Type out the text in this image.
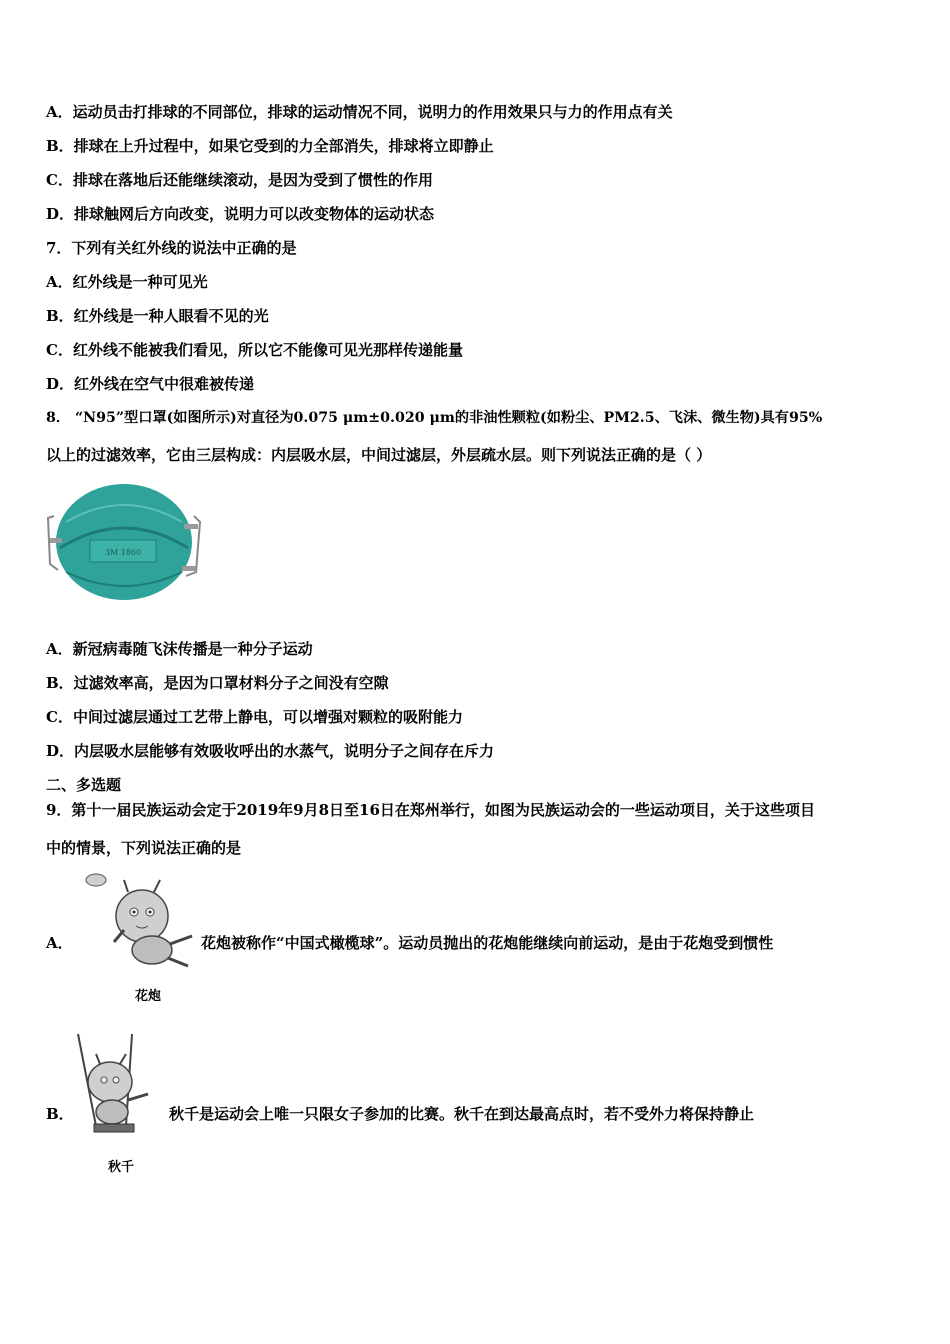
A．运动员击打排球的不同部位，排球的运动情况不同，说明力的作用效果只与力的作用点有关
B．排球在上升过程中，如果它受到的力全部消失，排球将立即静止
C．排球在落地后还能继续滚动，是因为受到了惯性的作用
D．排球触网后方向改变，说明力可以改变物体的运动状态
7．下列有关红外线的说法中正确的是
A．红外线是一种可见光
B．红外线是一种人眼看不见的光
C．红外线不能被我们看见，所以它不能像可见光那样传递能量
D．红外线在空气中很难被传递
8． “N95”型口罩(如图所示)对直径为0.075 μm±0.020 μm的非油性颗粒(如粉尘、PM2.5、飞沫、微生物)具有95%
以上的过滤效率，它由三层构成：内层吸水层，中间过滤层，外层疏水层。则下列说法正确的是（ ）
3M 1860
A．新冠病毒随飞沫传播是一种分子运动
B．过滤效率高，是因为口罩材料分子之间没有空隙
C．中间过滤层通过工艺带上静电，可以增强对颗粒的吸附能力
D．内层吸水层能够有效吸收呼出的水蒸气，说明分子之间存在斥力
二、多选题
9．第十一届民族运动会定于2019年9月8日至16日在郑州举行，如图为民族运动会的一些运动项目，关于这些项目
中的情景，下列说法正确的是
A．
花炮
花炮被称作“中国式橄榄球”。运动员抛出的花炮能继续向前运动，是由于花炮受到惯性
B．
秋千
秋千是运动会上唯一只限女子参加的比赛。秋千在到达最高点时，若不受外力将保持静止
